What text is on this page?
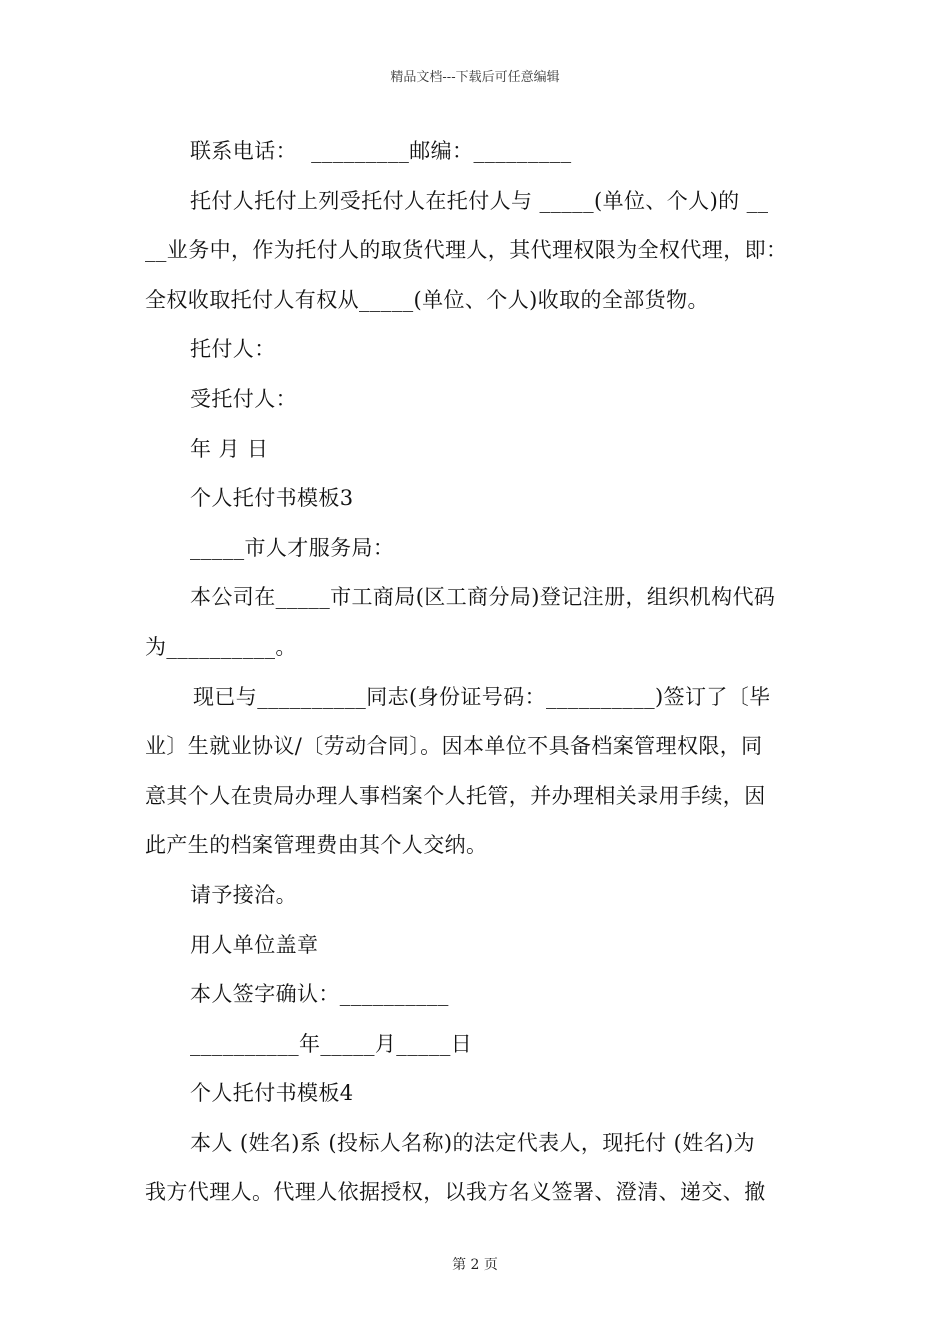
精品文档---下载后可任意编辑
联系电话：  _________邮编：_________
托付人托付上列受托付人在托付人与 _____(单位、个人)的 __
__业务中，作为托付人的取货代理人，其代理权限为全权代理，即：
全权收取托付人有权从_____(单位、个人)收取的全部货物。
托付人：
受托付人：
年 月 日
个人托付书模板3
_____市人才服务局：
本公司在_____市工商局(区工商分局)登记注册，组织机构代码
为__________。
现已与__________同志(身份证号码：__________)签订了〔毕
业〕生就业协议/〔劳动合同〕。因本单位不具备档案管理权限，同
意其个人在贵局办理人事档案个人托管，并办理相关录用手续，因
此产生的档案管理费由其个人交纳。
请予接洽。
用人单位盖章
本人签字确认：__________
__________年_____月_____日
个人托付书模板4
本人 (姓名)系 (投标人名称)的法定代表人，现托付 (姓名)为
我方代理人。代理人依据授权，以我方名义签署、澄清、递交、撤
第 2 页
